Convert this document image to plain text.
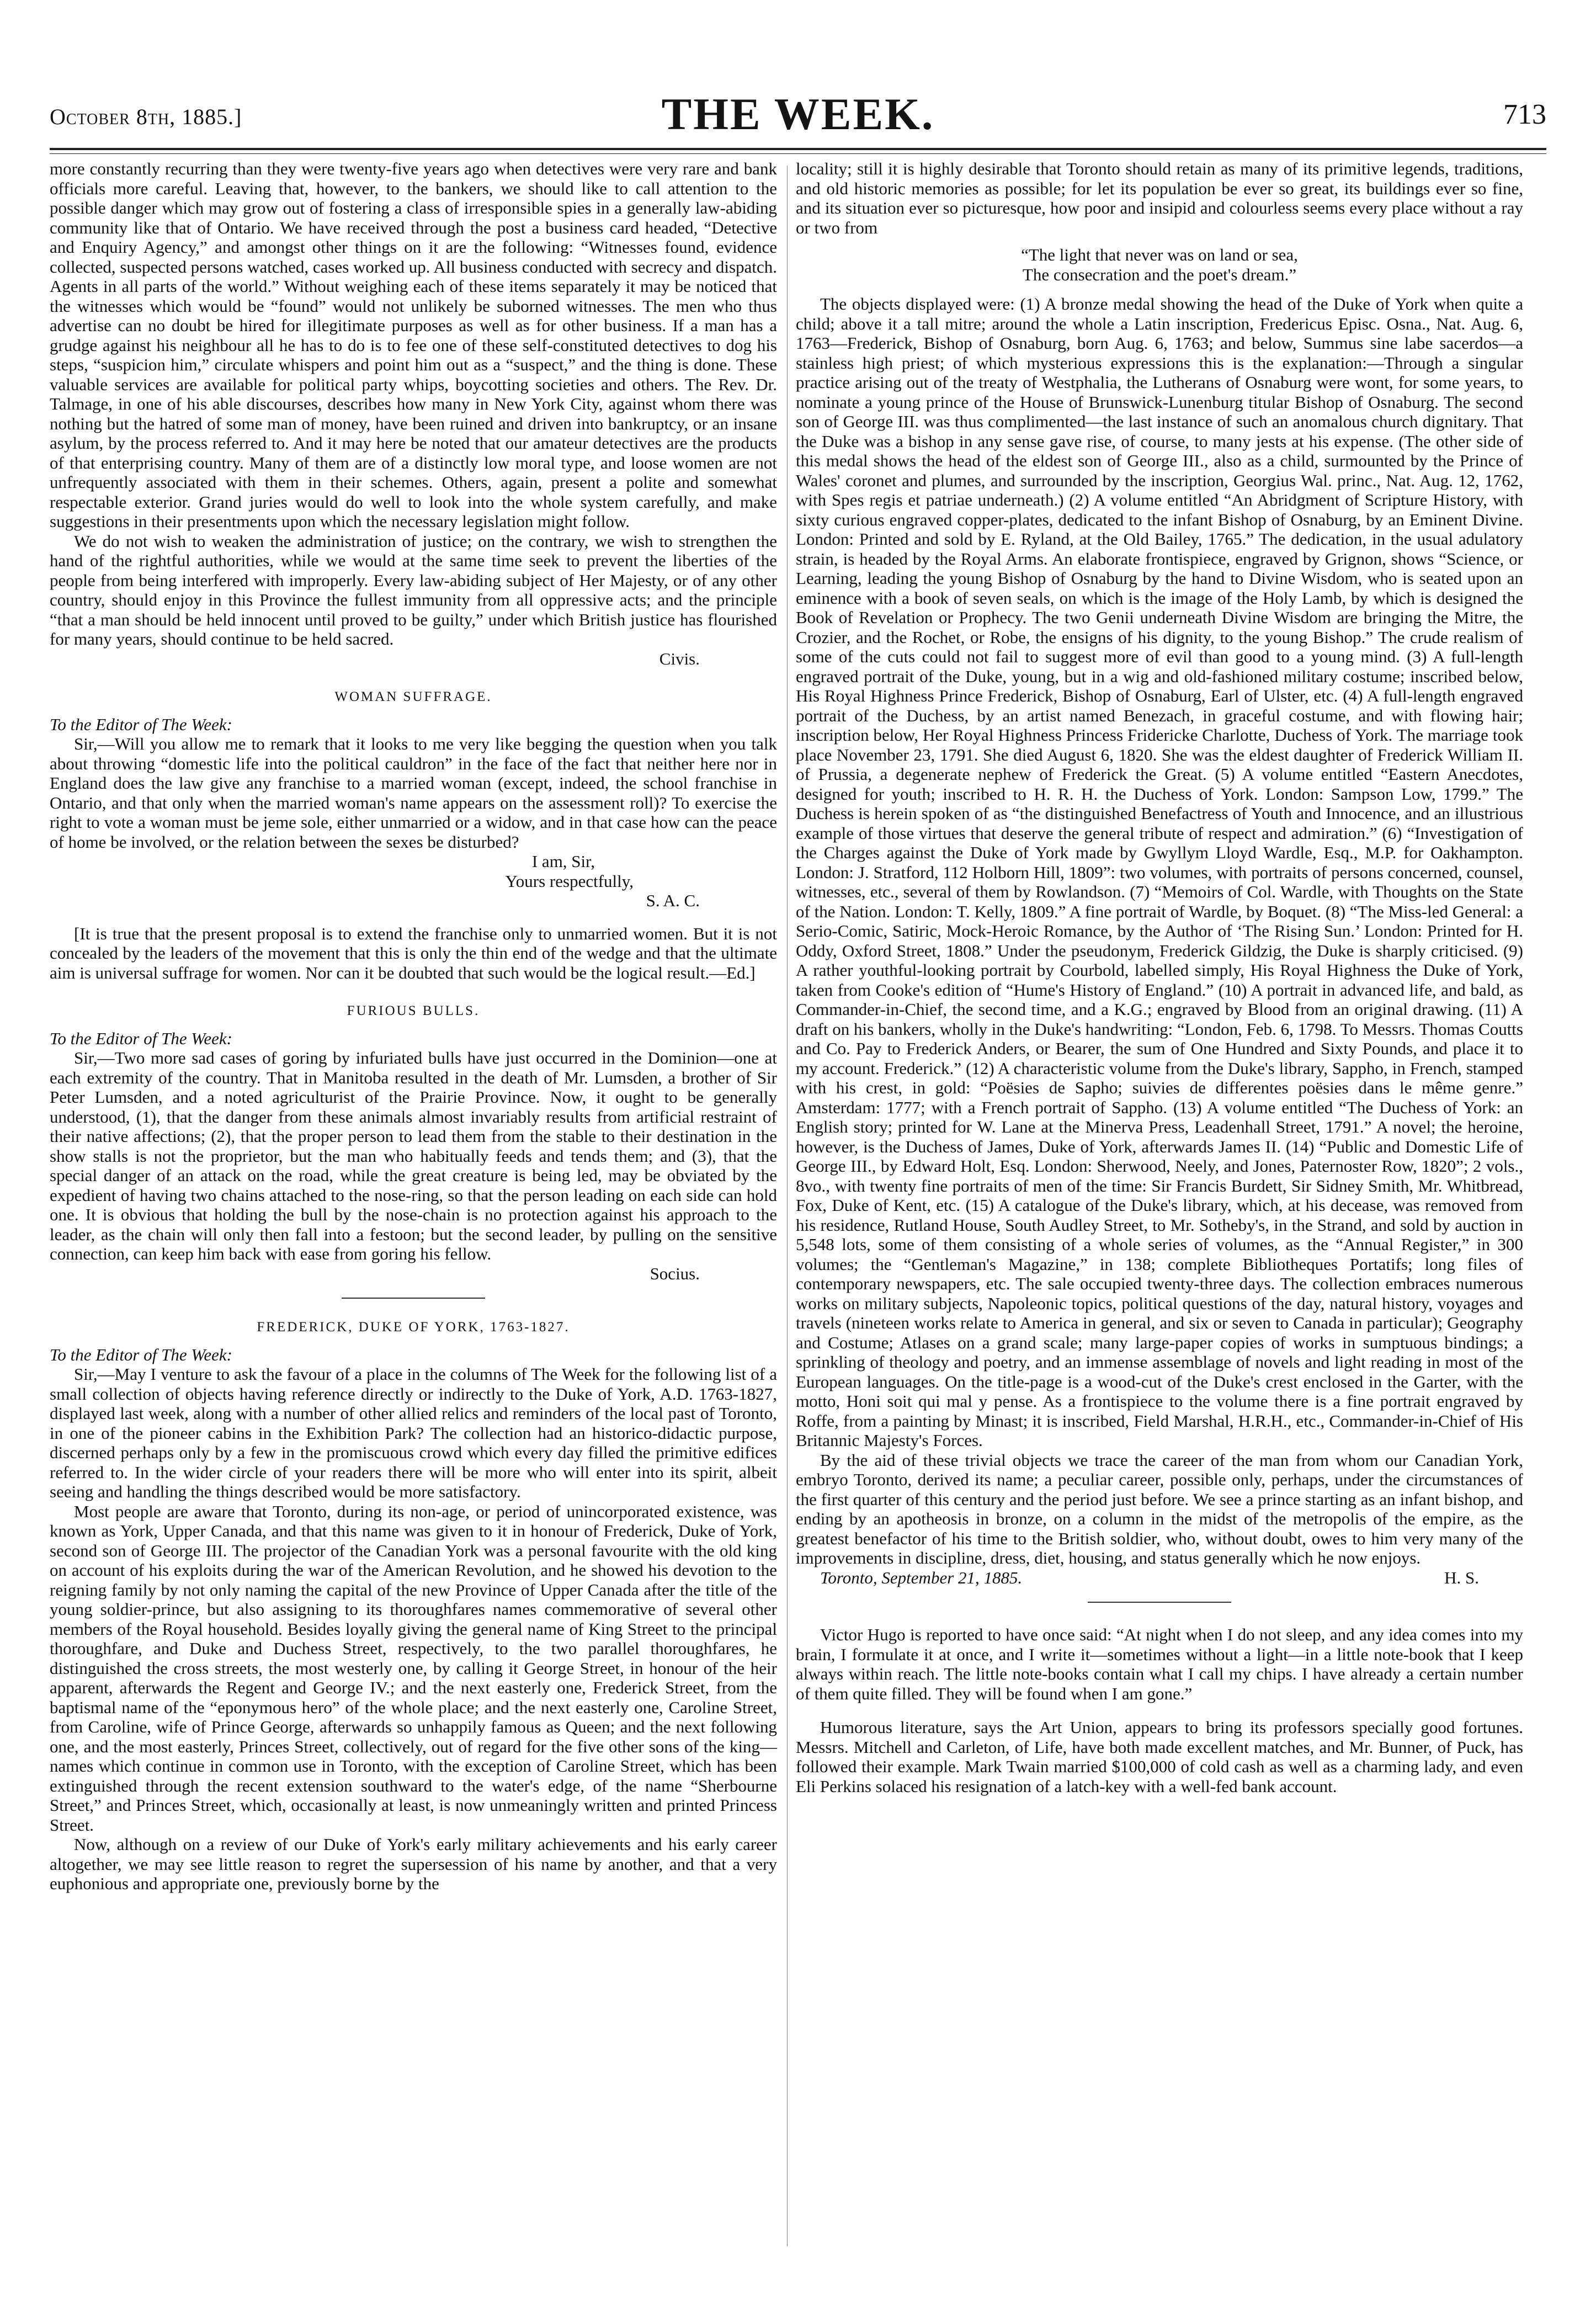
October 8th, 1885.]	THE WEEK.	713

more constantly recurring than they were twenty-five years ago when detectives were very rare and bank officials more careful. Leaving that, however, to the bankers, we should like to call attention to the possible danger which may grow out of fostering a class of irresponsible spies in a generally law-abiding community like that of Ontario. We have received through the post a business card headed, “Detective and Enquiry Agency,” and amongst other things on it are the following: “Witnesses found, evidence collected, suspected persons watched, cases worked up. All business conducted with secrecy and dispatch. Agents in all parts of the world.” Without weighing each of these items separately it may be noticed that the witnesses which would be “found” would not unlikely be suborned witnesses. The men who thus advertise can no doubt be hired for illegitimate purposes as well as for other business. If a man has a grudge against his neighbour all he has to do is to fee one of these self-constituted detectives to dog his steps, “suspicion him,” circulate whispers and point him out as a “suspect,” and the thing is done. These valuable services are available for political party whips, boycotting societies and others. The Rev. Dr. Talmage, in one of his able discourses, describes how many in New York City, against whom there was nothing but the hatred of some man of money, have been ruined and driven into bankruptcy, or an insane asylum, by the process referred to. And it may here be noted that our amateur detectives are the products of that enterprising country. Many of them are of a distinctly low moral type, and loose women are not unfrequently associated with them in their schemes. Others, again, present a polite and somewhat respectable exterior. Grand juries would do well to look into the whole system carefully, and make suggestions in their presentments upon which the necessary legislation might follow.

We do not wish to weaken the administration of justice; on the contrary, we wish to strengthen the hand of the rightful authorities, while we would at the same time seek to prevent the liberties of the people from being interfered with improperly. Every law-abiding subject of Her Majesty, or of any other country, should enjoy in this Province the fullest immunity from all oppressive acts; and the principle “that a man should be held innocent until proved to be guilty,” under which British justice has flourished for many years, should continue to be held sacred.

Civis.

WOMAN SUFFRAGE.

To the Editor of The Week:

Sir,—Will you allow me to remark that it looks to me very like begging the question when you talk about throwing “domestic life into the political cauldron” in the face of the fact that neither here nor in England does the law give any franchise to a married woman (except, indeed, the school franchise in Ontario, and that only when the married woman's name appears on the assessment roll)? To exercise the right to vote a woman must be jeme sole, either unmarried or a widow, and in that case how can the peace of home be involved, or the relation between the sexes be disturbed?

I am, Sir,

Yours respectfully,

S. A. C.

[It is true that the present proposal is to extend the franchise only to unmarried women. But it is not concealed by the leaders of the movement that this is only the thin end of the wedge and that the ultimate aim is universal suffrage for women. Nor can it be doubted that such would be the logical result.—Ed.]

FURIOUS BULLS.

To the Editor of The Week:

Sir,—Two more sad cases of goring by infuriated bulls have just occurred in the Dominion—one at each extremity of the country. That in Manitoba resulted in the death of Mr. Lumsden, a brother of Sir Peter Lumsden, and a noted agriculturist of the Prairie Province. Now, it ought to be generally understood, (1), that the danger from these animals almost invariably results from artificial restraint of their native affections; (2), that the proper person to lead them from the stable to their destination in the show stalls is not the proprietor, but the man who habitually feeds and tends them; and (3), that the special danger of an attack on the road, while the great creature is being led, may be obviated by the expedient of having two chains attached to the nose-ring, so that the person leading on each side can hold one. It is obvious that holding the bull by the nose-chain is no protection against his approach to the leader, as the chain will only then fall into a festoon; but the second leader, by pulling on the sensitive connection, can keep him back with ease from goring his fellow.

Socius.

FREDERICK, DUKE OF YORK, 1763-1827.

To the Editor of The Week:

Sir,—May I venture to ask the favour of a place in the columns of The Week for the following list of a small collection of objects having reference directly or indirectly to the Duke of York, A.D. 1763-1827, displayed last week, along with a number of other allied relics and reminders of the local past of Toronto, in one of the pioneer cabins in the Exhibition Park? The collection had an historico-didactic purpose, discerned perhaps only by a few in the promiscuous crowd which every day filled the primitive edifices referred to. In the wider circle of your readers there will be more who will enter into its spirit, albeit seeing and handling the things described would be more satisfactory.

Most people are aware that Toronto, during its non-age, or period of unincorporated existence, was known as York, Upper Canada, and that this name was given to it in honour of Frederick, Duke of York, second son of George III. The projector of the Canadian York was a personal favourite with the old king on account of his exploits during the war of the American Revolution, and he showed his devotion to the reigning family by not only naming the capital of the new Province of Upper Canada after the title of the young soldier-prince, but also assigning to its thoroughfares names commemorative of several other members of the Royal household. Besides loyally giving the general name of King Street to the principal thoroughfare, and Duke and Duchess Street, respectively, to the two parallel thoroughfares, he distinguished the cross streets, the most westerly one, by calling it George Street, in honour of the heir apparent, afterwards the Regent and George IV.; and the next easterly one, Frederick Street, from the baptismal name of the “eponymous hero” of the whole place; and the next easterly one, Caroline Street, from Caroline, wife of Prince George, afterwards so unhappily famous as Queen; and the next following one, and the most easterly, Princes Street, collectively, out of regard for the five other sons of the king—names which continue in common use in Toronto, with the exception of Caroline Street, which has been extinguished through the recent extension southward to the water's edge, of the name “Sherbourne Street,” and Princes Street, which, occasionally at least, is now unmeaningly written and printed Princess Street.

Now, although on a review of our Duke of York's early military achievements and his early career altogether, we may see little reason to regret the supersession of his name by another, and that a very euphonious and appropriate one, previously borne by the

locality; still it is highly desirable that Toronto should retain as many of its primitive legends, traditions, and old historic memories as possible; for let its population be ever so great, its buildings ever so fine, and its situation ever so picturesque, how poor and insipid and colourless seems every place without a ray or two from

“The light that never was on land or sea,
The consecration and the poet's dream.”

The objects displayed were: (1) A bronze medal showing the head of the Duke of York when quite a child; above it a tall mitre; around the whole a Latin inscription, Fredericus Episc. Osna., Nat. Aug. 6, 1763—Frederick, Bishop of Osnaburg, born Aug. 6, 1763; and below, Summus sine labe sacerdos—a stainless high priest; of which mysterious expressions this is the explanation:—Through a singular practice arising out of the treaty of Westphalia, the Lutherans of Osnaburg were wont, for some years, to nominate a young prince of the House of Brunswick-Lunenburg titular Bishop of Osnaburg. The second son of George III. was thus complimented—the last instance of such an anomalous church dignitary. That the Duke was a bishop in any sense gave rise, of course, to many jests at his expense. (The other side of this medal shows the head of the eldest son of George III., also as a child, surmounted by the Prince of Wales' coronet and plumes, and surrounded by the inscription, Georgius Wal. princ., Nat. Aug. 12, 1762, with Spes regis et patriae underneath.) (2) A volume entitled “An Abridgment of Scripture History, with sixty curious engraved copper-plates, dedicated to the infant Bishop of Osnaburg, by an Eminent Divine. London: Printed and sold by E. Ryland, at the Old Bailey, 1765.” The dedication, in the usual adulatory strain, is headed by the Royal Arms. An elaborate frontispiece, engraved by Grignon, shows “Science, or Learning, leading the young Bishop of Osnaburg by the hand to Divine Wisdom, who is seated upon an eminence with a book of seven seals, on which is the image of the Holy Lamb, by which is designed the Book of Revelation or Prophecy. The two Genii underneath Divine Wisdom are bringing the Mitre, the Crozier, and the Rochet, or Robe, the ensigns of his dignity, to the young Bishop.” The crude realism of some of the cuts could not fail to suggest more of evil than good to a young mind. (3) A full-length engraved portrait of the Duke, young, but in a wig and old-fashioned military costume; inscribed below, His Royal Highness Prince Frederick, Bishop of Osnaburg, Earl of Ulster, etc. (4) A full-length engraved portrait of the Duchess, by an artist named Benezach, in graceful costume, and with flowing hair; inscription below, Her Royal Highness Princess Fridericke Charlotte, Duchess of York. The marriage took place November 23, 1791. She died August 6, 1820. She was the eldest daughter of Frederick William II. of Prussia, a degenerate nephew of Frederick the Great. (5) A volume entitled “Eastern Anecdotes, designed for youth; inscribed to H. R. H. the Duchess of York. London: Sampson Low, 1799.” The Duchess is herein spoken of as “the distinguished Benefactress of Youth and Innocence, and an illustrious example of those virtues that deserve the general tribute of respect and admiration.” (6) “Investigation of the Charges against the Duke of York made by Gwyllym Lloyd Wardle, Esq., M.P. for Oakhampton. London: J. Stratford, 112 Holborn Hill, 1809”: two volumes, with portraits of persons concerned, counsel, witnesses, etc., several of them by Rowlandson. (7) “Memoirs of Col. Wardle, with Thoughts on the State of the Nation. London: T. Kelly, 1809.” A fine portrait of Wardle, by Boquet. (8) “The Miss-led General: a Serio-Comic, Satiric, Mock-Heroic Romance, by the Author of ‘The Rising Sun.’ London: Printed for H. Oddy, Oxford Street, 1808.” Under the pseudonym, Frederick Gildzig, the Duke is sharply criticised. (9) A rather youthful-looking portrait by Courbold, labelled simply, His Royal Highness the Duke of York, taken from Cooke's edition of “Hume's History of England.” (10) A portrait in advanced life, and bald, as Commander-in-Chief, the second time, and a K.G.; engraved by Blood from an original drawing. (11) A draft on his bankers, wholly in the Duke's handwriting: “London, Feb. 6, 1798. To Messrs. Thomas Coutts and Co. Pay to Frederick Anders, or Bearer, the sum of One Hundred and Sixty Pounds, and place it to my account. Frederick.” (12) A characteristic volume from the Duke's library, Sappho, in French, stamped with his crest, in gold: “Poësies de Sapho; suivies de differentes poësies dans le même genre.” Amsterdam: 1777; with a French portrait of Sappho. (13) A volume entitled “The Duchess of York: an English story; printed for W. Lane at the Minerva Press, Leadenhall Street, 1791.” A novel; the heroine, however, is the Duchess of James, Duke of York, afterwards James II. (14) “Public and Domestic Life of George III., by Edward Holt, Esq. London: Sherwood, Neely, and Jones, Paternoster Row, 1820”; 2 vols., 8vo., with twenty fine portraits of men of the time: Sir Francis Burdett, Sir Sidney Smith, Mr. Whitbread, Fox, Duke of Kent, etc. (15) A catalogue of the Duke's library, which, at his decease, was removed from his residence, Rutland House, South Audley Street, to Mr. Sotheby's, in the Strand, and sold by auction in 5,548 lots, some of them consisting of a whole series of volumes, as the “Annual Register,” in 300 volumes; the “Gentleman's Magazine,” in 138; complete Bibliotheques Portatifs; long files of contemporary newspapers, etc. The sale occupied twenty-three days. The collection embraces numerous works on military subjects, Napoleonic topics, political questions of the day, natural history, voyages and travels (nineteen works relate to America in general, and six or seven to Canada in particular); Geography and Costume; Atlases on a grand scale; many large-paper copies of works in sumptuous bindings; a sprinkling of theology and poetry, and an immense assemblage of novels and light reading in most of the European languages. On the title-page is a wood-cut of the Duke's crest enclosed in the Garter, with the motto, Honi soit qui mal y pense. As a frontispiece to the volume there is a fine portrait engraved by Roffe, from a painting by Minast; it is inscribed, Field Marshal, H.R.H., etc., Commander-in-Chief of His Britannic Majesty's Forces.

By the aid of these trivial objects we trace the career of the man from whom our Canadian York, embryo Toronto, derived its name; a peculiar career, possible only, perhaps, under the circumstances of the first quarter of this century and the period just before. We see a prince starting as an infant bishop, and ending by an apotheosis in bronze, on a column in the midst of the metropolis of the empire, as the greatest benefactor of his time to the British soldier, who, without doubt, owes to him very many of the improvements in discipline, dress, diet, housing, and status generally which he now enjoys.

Toronto, September 21, 1885.	H. S.

Victor Hugo is reported to have once said: “At night when I do not sleep, and any idea comes into my brain, I formulate it at once, and I write it—sometimes without a light—in a little note-book that I keep always within reach. The little note-books contain what I call my chips. I have already a certain number of them quite filled. They will be found when I am gone.”

Humorous literature, says the Art Union, appears to bring its professors specially good fortunes. Messrs. Mitchell and Carleton, of Life, have both made excellent matches, and Mr. Bunner, of Puck, has followed their example. Mark Twain married $100,000 of cold cash as well as a charming lady, and even Eli Perkins solaced his resignation of a latch-key with a well-fed bank account.
